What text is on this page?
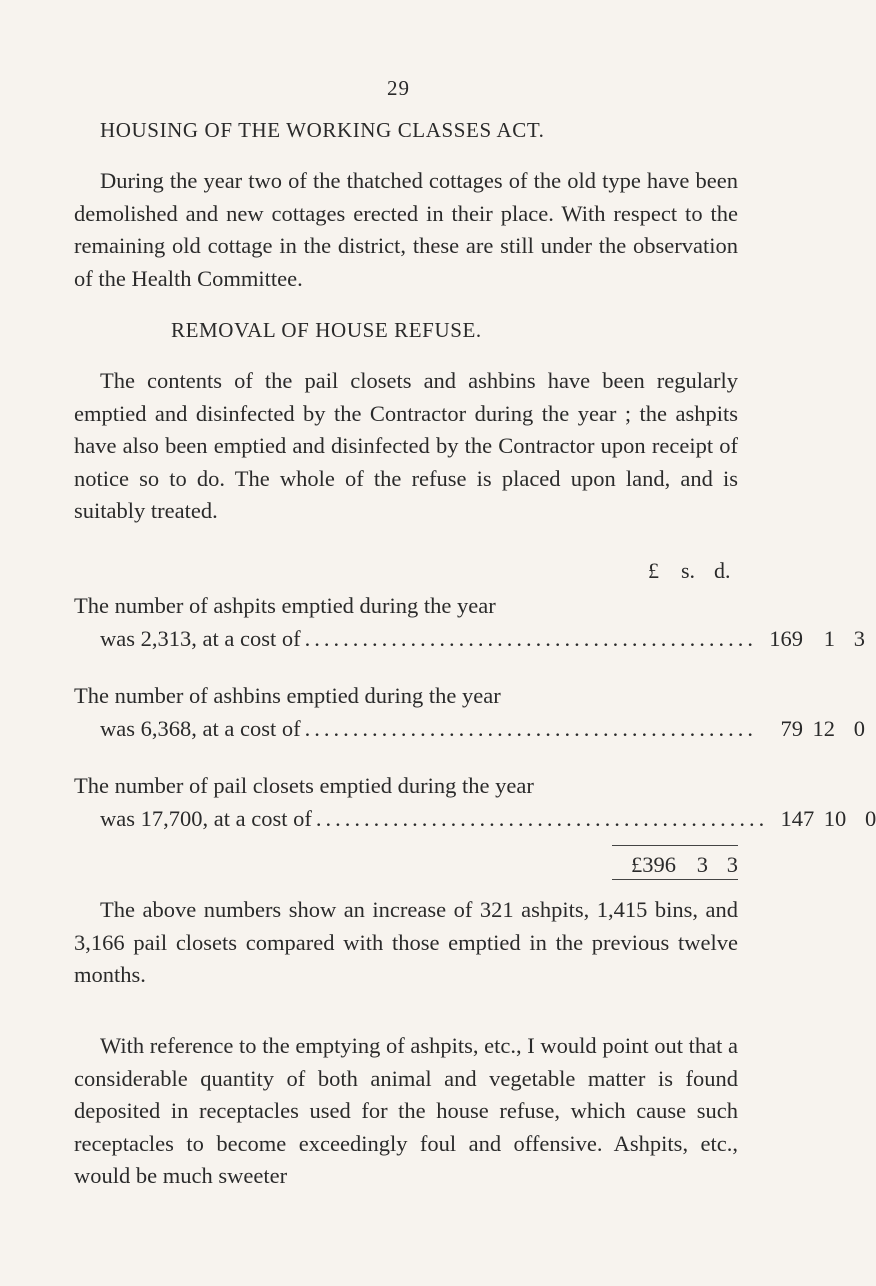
29
HOUSING OF THE WORKING CLASSES ACT.

During the year two of the thatched cottages of the old type have been demolished and new cottages erected in their place. With respect to the remaining old cottage in the district, these are still under the observation of the Health Committee.

REMOVAL OF HOUSE REFUSE.

The contents of the pail closets and ashbins have been regularly emptied and disinfected by the Contractor during the year ; the ashpits have also been emptied and disinfected by the Contractor upon receipt of notice so to do. The whole of the refuse is placed upon land, and is suitably treated.

£ s. d.
The number of ashpits emptied during the year
was 2,313, at a cost of ............................................... 169 1 3
The number of ashbins emptied during the year
was 6,368, at a cost of ...............................................	79 12 0
The number of pail closets emptied during the year
was 17,700, at a cost of ............................................... 147 10 0
£396 3 3

The above numbers show an increase of 321 ashpits, 1,415 bins, and 3,166 pail closets compared with those emptied in the previous twelve months.

With reference to the emptying of ashpits, etc., I would point out that a considerable quantity of both animal and vegetable matter is found deposited in receptacles used for the house refuse, which cause such receptacles to become exceedingly foul and offensive. Ashpits, etc., would be much sweeter
